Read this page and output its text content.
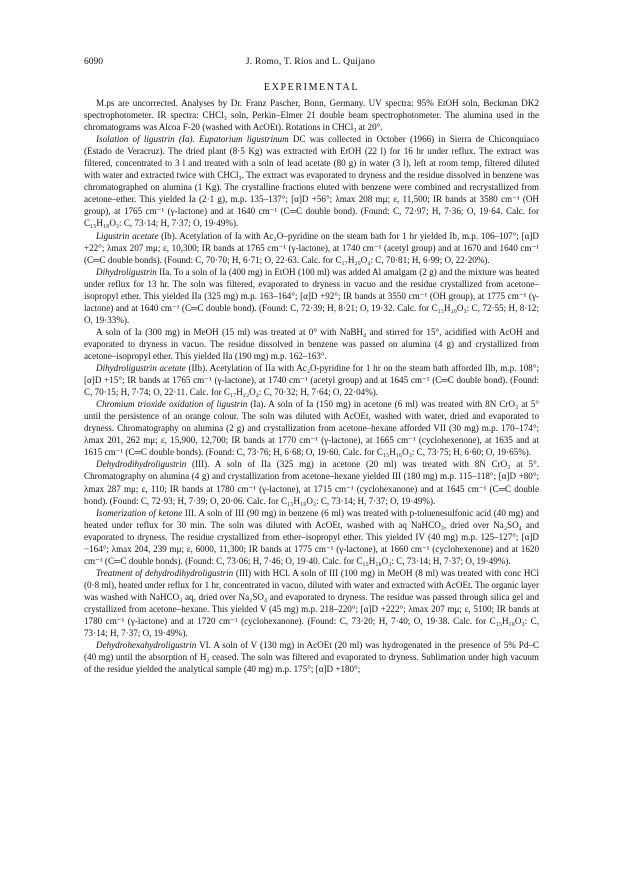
6090	J. Romo, T. Ríos and L. Quijano
EXPERIMENTAL

M.ps are uncorrected. Analyses by Dr. Franz Pascher, Bonn, Germany. UV spectra: 95% EtOH soln, Beckman DK2 spectrophotometer. IR spectra: CHCl₃ soln, Perkin–Elmer 21 double beam spectrophotometer. The alumina used in the chromatograms was Alcoa F-20 (washed with AcOEt). Rotations in CHCl₃ at 20°.

Isolation of ligustrin (Ia). Eupatorium ligustrinum DC was collected in October (1966) in Sierra de Chiconquiaco (Estado de Veracruz). The dried plant (8·5 Kg) was extracted with EtOH (22 l) for 16 hr under reflux. The extract was filtered, concentrated to 3 l and treated with a soln of lead acetate (80 g) in water (3 l), left at room temp, filtered diluted with water and extracted twice with CHCl₃. The extract was evaporated to dryness and the residue dissolved in benzene was chromatographed on alumina (1 Kg). The crystalline fractions eluted with benzene were combined and recrystallized from acetone–ether. This yielded Ia (2·1 g), m.p. 135–137°; [α]D +56°; λmax 208 mμ; ε, 11,500; IR bands at 3580 cm⁻¹ (OH group), at 1765 cm⁻¹ (γ-lactone) and at 1640 cm⁻¹ (C═C double bond). (Found: C, 72·97; H, 7·36; O, 19·64. Calc. for C₁₅H₁₈O₃: C, 73·14; H, 7·37; O, 19·49%).

Ligustrin acetate (Ib). Acetylation of Ia with Ac₂O–pyridine on the steam bath for 1 hr yielded Ib, m.p. 106–107°; [α]D +22°; λmax 207 mμ; ε, 10,300; IR bands at 1765 cm⁻¹ (γ-lactone), at 1740 cm⁻¹ (acetyl group) and at 1670 and 1640 cm⁻¹ (C═C double bonds). (Found: C, 70·70; H, 6·71; O, 22·63. Calc. for C₁₇H₂₀O₄: C, 70·81; H, 6·99; O, 22·20%).

Dihydroligustrin IIa. To a soln of Ia (400 mg) in EtOH (100 ml) was added Al amalgam (2 g) and the mixture was heated under reflux for 13 hr. The soln was filtered, evaporated to dryness in vacuo and the residue crystallized from acetone–isopropyl ether. This yielded IIa (325 mg) m.p. 163–164°; [α]D +92°; IR bands at 3550 cm⁻¹ (OH group), at 1775 cm⁻¹ (γ-lactone) and at 1640 cm⁻¹ (C═C double bond). (Found: C, 72·39; H, 8·21; O, 19·32. Calc. for C₁₅H₂₀O₃: C, 72·55; H, 8·12; O, 19·33%).

A soln of Ia (300 mg) in MeOH (15 ml) was treated at 0° with NaBH₄ and stirred for 15°, acidified with AcOH and evaporated to dryness in vacuo. The residue dissolved in benzene was passed on alumina (4 g) and crystallized from acetone–isopropyl ether. This yielded IIa (190 mg) m.p. 162–163°.

Dihydroligustrin acetate (IIb). Acetylation of IIa with Ac₂O-pyridine for 1 hr on the steam bath afforded IIb, m.p. 108°; [α]D +15°; IR bands at 1765 cm⁻¹ (γ-lactone), at 1740 cm⁻¹ (acetyl group) and at 1645 cm⁻¹ (C═C double bond). (Found: C, 70·15; H, 7·74; O, 22·11. Calc. for C₁₇H₂₂O₄: C, 70·32; H, 7·64; O, 22·04%).

Chromium trioxide oxidation of ligustrin (Ia). A soln of Ia (150 mg) in acetone (6 ml) was treated with 8N CrO₃ at 5° until the persistence of an orange colour. The soln was diluted with AcOEt, washed with water, dried and evaporated to dryness. Chromatography on alumina (2 g) and crystallization from acetone–hexane afforded VII (30 mg) m.p. 170–174°; λmax 201, 262 mμ; ε, 15,900, 12,700; IR bands at 1770 cm⁻¹ (γ-lactone), at 1665 cm⁻¹ (cyclohexenone), at 1635 and at 1615 cm⁻¹ (C═C double bonds). (Found: C, 73·76; H, 6·68; O, 19·60. Calc. for C₁₅H₁₆O₃: C, 73·75; H, 6·60; O, 19·65%).

Dehydrodihydroligustrin (III). A soln of IIa (325 mg) in acetone (20 ml) was treated with 8N CrO₃ at 5°. Chromatography on alumina (4 g) and crystallization from acetone–hexane yielded III (180 mg) m.p. 115–118°; [α]D +80°; λmax 287 mμ; ε, 110; IR bands at 1780 cm⁻¹ (γ-lactone), at 1715 cm⁻¹ (cyclohexanone) and at 1645 cm⁻¹ (C═C double bond). (Found: C, 72·93; H, 7·39; O, 20·06. Calc. for C₁₅H₁₈O₃: C, 73·14; H, 7·37; O, 19·49%).

Isomerization of ketone III. A soln of III (90 mg) in benzene (6 ml) was treated with p-toluenesulfonic acid (40 mg) and heated under reflux for 30 min. The soln was diluted with AcOEt, washed with aq NaHCO₃, dried over Na₂SO₄ and evaporated to dryness. The residue crystallized from ether–isopropyl ether. This yielded IV (40 mg) m.p. 125–127°; [α]D −164°; λmax 204, 239 mμ; ε, 6000, 11,300; IR bands at 1775 cm⁻¹ (γ-lactone), at 1660 cm⁻¹ (cyclohexenone) and at 1620 cm⁻¹ (C═C double bonds). (Found: C, 73·06; H, 7·46; O, 19·40. Calc. for C₁₅H₁₈O₃: C, 73·14; H, 7·37; O, 19·49%).

Treatment of dehydrodihydroligustrin (III) with HCl. A soln of III (100 mg) in MeOH (8 ml) was treated with conc HCl (0·8 ml), heated under reflux for 1 hr, concentrated in vacuo, diluted with water and extracted with AcOEt. The organic layer was washed with NaHCO₃ aq, dried over Na₂SO₄ and evaporated to dryness. The residue was passed through silica gel and crystallized from acetone–hexane. This yielded V (45 mg) m.p. 218–220°; [α]D +222°; λmax 207 mμ; ε, 5100; IR bands at 1780 cm⁻¹ (γ-lactone) and at 1720 cm⁻¹ (cyclohexanone). (Found: C, 73·20; H, 7·40; O, 19·38. Calc. for C₁₅H₁₈O₃: C, 73·14; H, 7·37; O, 19·49%).

Dehydrohexahydroligustrin VI. A soln of V (130 mg) in AcOEt (20 ml) was hydrogenated in the presence of 5% Pd–C (40 mg) until the absorption of H₂ ceased. The soln was filtered and evaporated to dryness. Sublimation under high vacuum of the residue yielded the analytical sample (40 mg) m.p. 175°; [α]D +180°;
